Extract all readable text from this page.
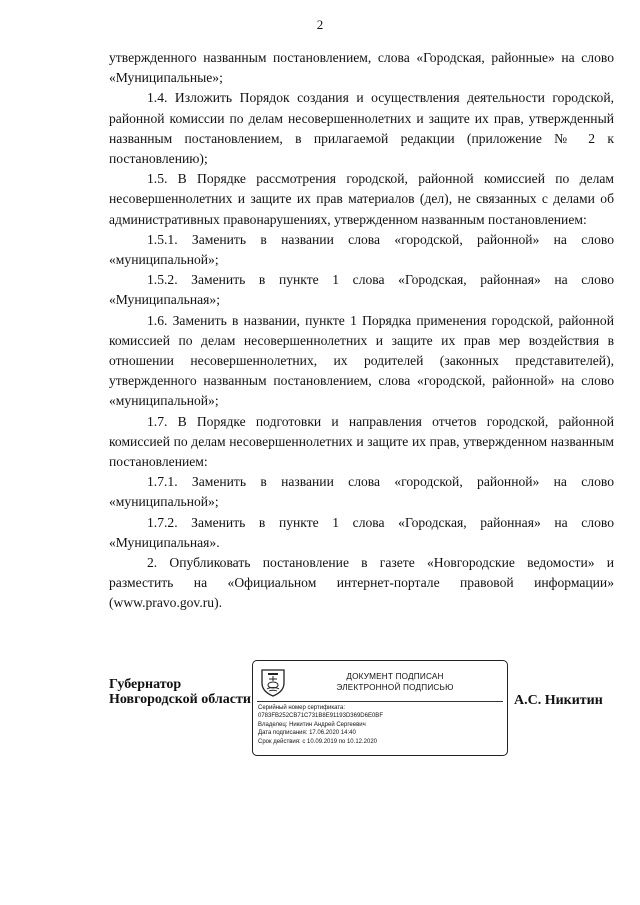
2

утвержденного названным постановлением, слова «Городская, районные» на слово «Муниципальные»;

1.4. Изложить Порядок создания и осуществления деятельности городской, районной комиссии по делам несовершеннолетних и защите их прав, утвержденный названным постановлением, в прилагаемой редакции (приложение № 2 к постановлению);

1.5. В Порядке рассмотрения городской, районной комиссией по делам несовершеннолетних и защите их прав материалов (дел), не связанных с делами об административных правонарушениях, утвержденном названным постановлением:

1.5.1. Заменить в названии слова «городской, районной» на слово «муниципальной»;

1.5.2. Заменить в пункте 1 слова «Городская, районная» на слово «Муниципальная»;

1.6. Заменить в названии, пункте 1 Порядка применения городской, районной комиссией по делам несовершеннолетних и защите их прав мер воздействия в отношении несовершеннолетних, их родителей (законных представителей), утвержденного названным постановлением, слова «городской, районной» на слово «муниципальной»;

1.7. В Порядке подготовки и направления отчетов городской, районной комиссией по делам несовершеннолетних и защите их прав, утвержденном названным постановлением:

1.7.1. Заменить в названии слова «городской, районной» на слово «муниципальной»;

1.7.2. Заменить в пункте 1 слова «Городская, районная» на слово «Муниципальная».

2. Опубликовать постановление в газете «Новгородские ведомости» и разместить на «Официальном интернет-портале правовой информации» (www.pravo.gov.ru).

Губернатор
Новгородской области
ДОКУМЕНТ ПОДПИСАН
ЭЛЕКТРОННОЙ ПОДПИСЬЮ
Серийный номер сертификата:
0783FB252CB71C731B8E91193D369D6E0BF
Владелец: Никитин Андрей Сергеевич
Дата подписания: 17.06.2020 14:40
Срок действия: с 10.09.2019 по 10.12.2020
А.С. Никитин
